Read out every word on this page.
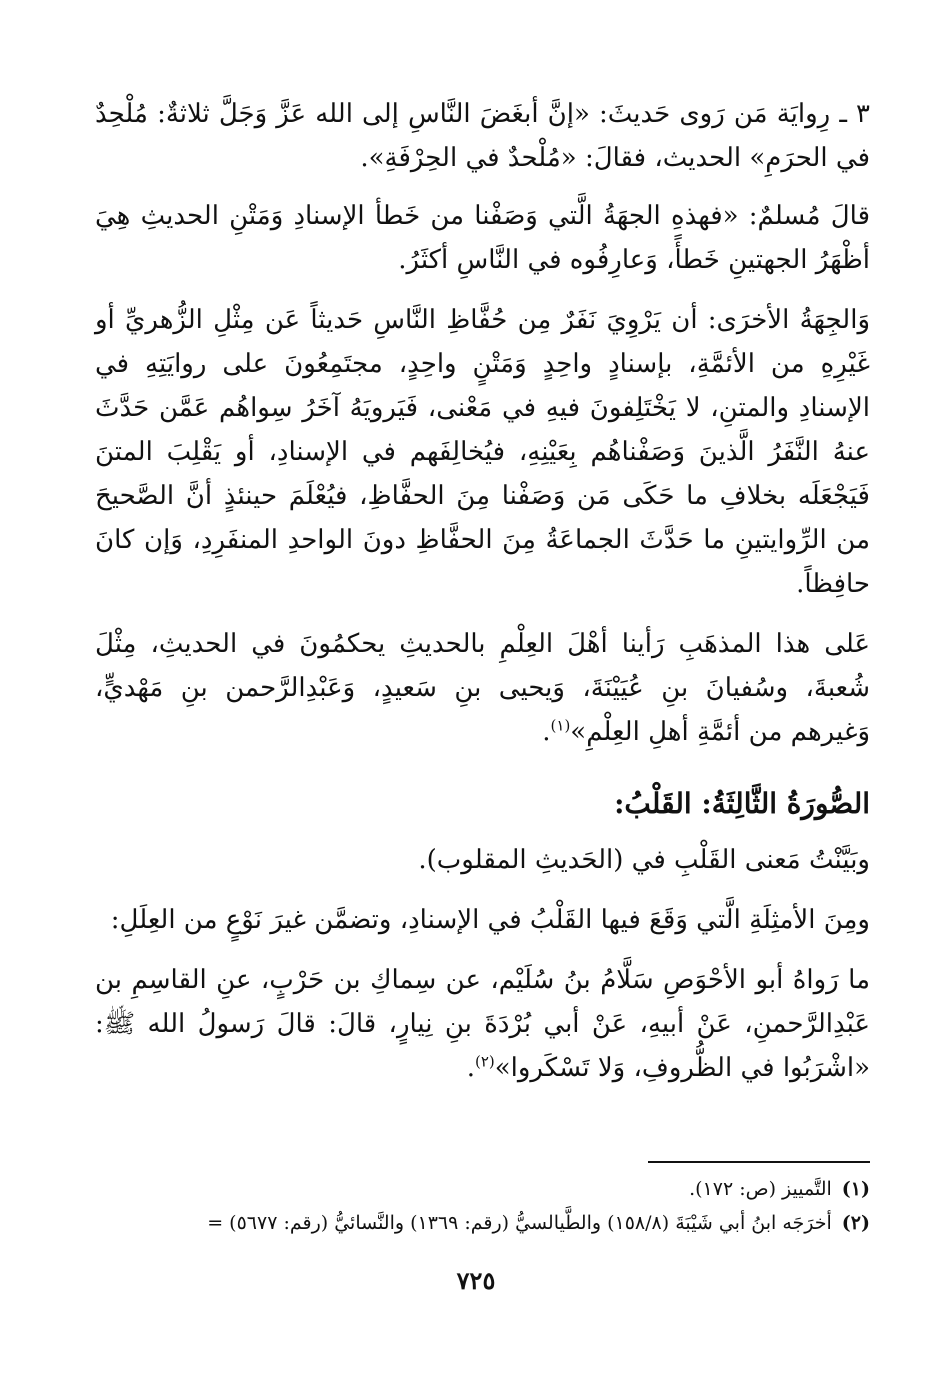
٣ ـ رِوايَة مَن رَوى حَديثَ: «إنَّ أبغَضَ النَّاسِ إلى الله عَزَّ وَجَلَّ ثلاثةٌ: مُلْحِدٌ في الحرَمِ» الحديث، فقالَ: «مُلْحدٌ في الحِرْفَةِ».

قالَ مُسلمٌ: «فهذهِ الجهَةُ الَّتي وَصَفْنا من خَطأ الإسنادِ وَمَتْنِ الحديثِ هِيَ أظْهَرُ الجهتينِ خَطأً، وَعارِفُوه في النَّاسِ أكثَرُ.

وَالجِهَةُ الأخرَى: أن يَرْوِيَ نَفَرٌ مِن حُفَّاظِ النَّاسِ حَديثاً عَن مِثْلِ الزُّهريِّ أو غَيْرِهِ من الأئمَّةِ، بإسنادٍ واحِدٍ وَمَتْنٍ واحِدٍ، مجتَمِعُونَ على روايَتِهِ في الإسنادِ والمتنِ، لا يَخْتَلِفونَ فيهِ في مَعْنى، فَيَرويَهُ آخَرُ سِواهُم عَمَّن حَدَّثَ عنهُ النَّفَرُ الَّذينَ وَصَفْناهُم بِعَيْنِهِ، فيُخالِفَهم في الإسنادِ، أو يَقْلِبَ المتنَ فَيَجْعَلَه بخلافِ ما حَكَى مَن وَصَفْنا مِنَ الحفَّاظِ، فيُعْلَمَ حينئذٍ أنَّ الصَّحيحَ من الرِّوايتينِ ما حَدَّثَ الجماعَةُ مِنَ الحفَّاظِ دونَ الواحدِ المنفَرِدِ، وَإن كانَ حافِظاً.

عَلى هذا المذهَبِ رَأينا أهْلَ العِلْمِ بالحديثِ يحكمُونَ في الحديثِ، مِثْلَ شُعبةَ، وسُفيانَ بنِ عُيَيْنَةَ، وَيحيى بنِ سَعيدٍ، وَعَبْدِالرَّحمن بنِ مَهْديٍّ، وَغيرهم من أئمَّةِ أهلِ العِلْمِ»$^{(١)}$.

الصُّورَةُ الثَّالِثَةُ: القَلْبُ:

وبَيَّنْتُ مَعنى القَلْبِ في (الحَديثِ المقلوب).

ومِنَ الأمثِلَةِ الَّتي وَقَعَ فيها القَلْبُ في الإسنادِ، وتضمَّن غيرَ نَوْعٍ من العِلَلِ:

ما رَواهُ أبو الأحْوَصِ سَلَّامُ بنُ سُلَيْم، عن سِماكِ بن حَرْبٍ، عنِ القاسِمِ بن عَبْدِالرَّحمنِ، عَنْ أبيهِ، عَنْ أبي بُرْدَةَ بنِ نِيارٍ، قالَ: قالَ رَسولُ الله ﷺ: «اشْرَبُوا في الظُّروفِ، وَلا تَسْكَروا»$^{(٢)}$.

(١)التَّمييز (ص: ١٧٢).
(٢)أخرَجَه ابنُ أبي شَيْبَةَ (١٥٨/٨) والطَّيالسيُّ (رقم: ١٣٦٩) والنَّسائيُّ (رقم: ٥٦٧٧) =
٧٢٥
